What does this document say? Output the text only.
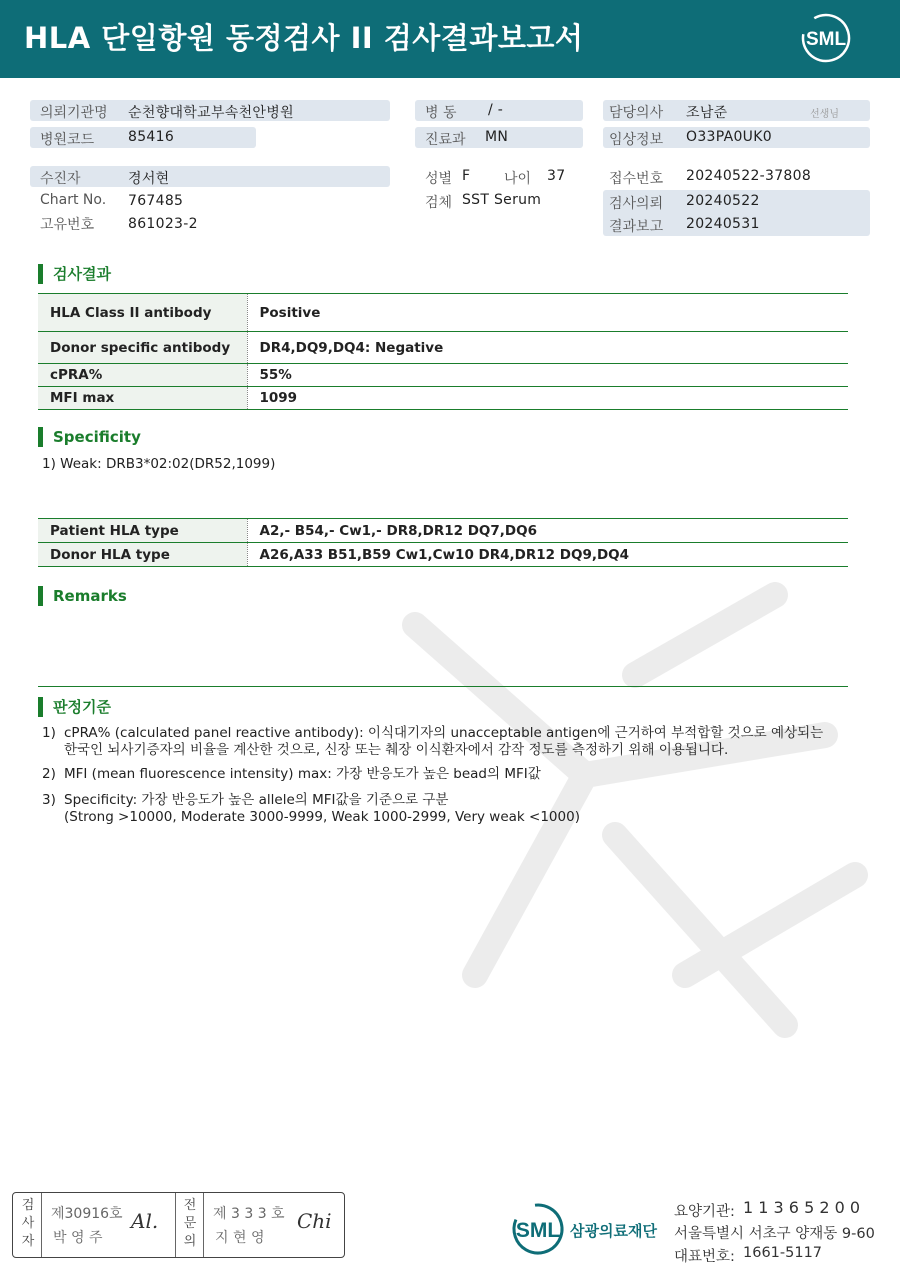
HLA 단일항원 동정검사 II 검사결과보고서	SML
의뢰기관명 순천향대학교부속천안병원
병원코드 85416
병 동 / -
진료과 MN
담당의사 조남준	선생님
임상정보 O33PA0UK0
수진자	경서현
Chart No. 767485
고유번호 861023-2
성별 F 나이 37
검체 SST Serum
접수번호 20240522-37808
검사의뢰 20240522
결과보고 20240531
검사결과
HLA Class II antibody	Positive
Donor specific antibody	DR4,DQ9,DQ4: Negative
cPRA%	55%
MFI max	1099
Specificity
1) Weak: DRB3*02:02(DR52,1099)
Patient HLA type	A2,- B54,- Cw1,- DR8,DR12 DQ7,DQ6
Donor HLA type	A26,A33 B51,B59 Cw1,Cw10 DR4,DR12 DQ9,DQ4
Remarks
판정기준
1) cPRA% (calculated panel reactive antibody): 이식대기자의 unacceptable antigen에 근거하여 부적합할 것으로 예상되는
한국인 뇌사기증자의 비율을 계산한 것으로, 신장 또는 췌장 이식환자에서 감작 정도를 측정하기 위해 이용됩니다.
2) MFI (mean fluorescence intensity) max: 가장 반응도가 높은 bead의 MFI값
3) Specificity: 가장 반응도가 높은 allele의 MFI값을 기준으로 구분
(Strong >10000, Moderate 3000-9999, Weak 1000-2999, Very weak <1000)
검
사
자
제30916호
박 영 주
Al.
전
문
의
제 3 3 3 호
지 현 영
Chi	SML 삼광의료재단
요양기관: 1 1 3 6 5 2 0 0
서울특별시 서초구 양재동 9-60
대표번호: 1661-5117
